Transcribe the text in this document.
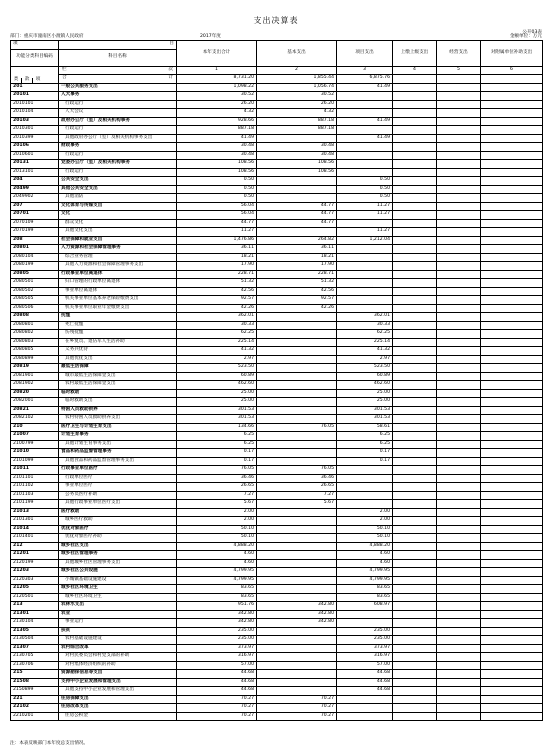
支出决算表
公开03表
部门：重庆市潼南区小渡镇人民政府	2017年度	金额单位：万元
项	目	本年支出合计	基本支出	项目支出	上缴上级支出	经营支出	对附属单位补助支出
功能分类科目编码	科目名称						

类 款 项	栏 次	1	2	3	4	5	6

	合 计	8,731.20	1,855.44	6,875.76			
201	一般公共服务支出	1,098.22	1,056.74	41.49			
20101	人大事务	30.52	30.52				
2010101	行政运行	26.20	26.20				
2010104	人大会议	4.32	4.32				
20103	政府办公厅（室）及相关机构事务	928.66	887.18	41.49			
2010301	行政运行	887.18	887.18				
2010399	其他政府办公厅（室）及相关机构事务支出	41.49		41.49			
20106	财政事务	30.48	30.48				
2010601	行政运行	30.48	30.48				
20131	党委办公厅（室）及相关机构事务	108.56	108.56				
2013101	行政运行	108.56	108.56				
204	公共安全支出	0.50		0.50			
20499	其他公共安全支出	0.50		0.50			
2049902	其他消防	0.50		0.50			
207	文化体育与传媒支出	56.04	44.77	11.27			
20701	文化	56.04	44.77	11.27			
2070109	群众文化	44.77	44.77				
2070199	其他文化支出	11.27		11.27			
208	社会保障和就业支出	1,476.86	264.82	1,212.04			
20801	人力资源和社会保障管理事务	36.11	36.11				
2080104	综合业务管理	18.21	18.21				
2080199	其他人力资源和社会保障管理事务支出	17.90	17.90				
20805	行政事业单位离退休	228.71	228.71				
2080501	归口管理的行政单位离退休	51.32	51.32				
2080502	事业单位离退休	42.56	42.56				
2080505	机关事业单位基本养老保险缴费支出	92.57	92.57				
2080506	机关事业单位职业年金缴费支出	42.26	42.26				
20808	抚恤	362.01		362.01			
2080801	死亡抚恤	30.33		30.33			
2080802	伤残抚恤	62.25		62.25			
2080803	在乡复员、退伍军人生活补助	225.14		225.14			
2080805	义务兵优待	41.32		41.32			
2080899	其他优抚支出	2.97		2.97			
20819	最低生活保障	523.50		523.50			
2081901	城市最低生活保障金支出	60.89		60.89			
2081902	农村最低生活保障金支出	462.60		462.60			
20820	临时救助	25.00		25.00			
2082001	临时救助支出	25.00		25.00			
20821	特困人员救助供养	301.53		301.53			
2082102	农村特困人员救助供养支出	301.53		301.53			
210	医疗卫生与计划生育支出	134.66	76.05	58.61			
21007	计划生育事务	6.25		6.25			
2100799	其他计划生育事务支出	6.25		6.25			
21010	食品和药品监督管理事务	0.17		0.17			
2101099	其他食品和药品监督管理事务支出	0.17		0.17			
21011	行政事业单位医疗	76.05	76.05				
2101101	行政单位医疗	36.46	36.46				
2101102	事业单位医疗	26.65	26.65				
2101103	公务员医疗补助	7.27	7.27				
2101199	其他行政事业单位医疗支出	5.67	5.67				
21013	医疗救助	2.00		2.00			
2101301	城乡医疗救助	2.00		2.00			
21014	优抚对象医疗	50.10		50.10			
2101401	优抚对象医疗补助	50.10		50.10			
212	城乡社区支出	4,888.20		4,888.20			
21201	城乡社区管理事务	4.60		4.60			
2120199	其他城乡社区管理事务支出	4.60		4.60			
21203	城乡社区公共设施	4,799.95		4,799.95			
2120303	小城镇基础设施建设	4,799.95		4,799.95			
21205	城乡社区环境卫生	83.65		83.65			
2120501	城乡社区环境卫生	83.65		83.65			
213	农林水支出	951.76	342.80	608.97			
21301	农业	342.80	342.80				
2130104	事业运行	342.80	342.80				
21305	扶贫	235.00		235.00			
2130504	农村基础设施建设	235.00		235.00			
21307	农村综合改革	373.97		373.97			
2130705	对村民委员会和村党支部的补助	316.97		316.97			
2130706	对村集体经济组织的补助	57.00		57.00			
215	资源勘探信息等支出	44.68		44.68			
21508	支持中小企业发展和管理支出	44.68		44.68			
2150899	其他支持中小企业发展和管理支出	44.68		44.68			
221	住房保障支出	70.27	70.27				
22102	住房改革支出	70.27	70.27				
2210201	住房公积金	70.27	70.27				
注：本表反映部门本年度总支出情况。
